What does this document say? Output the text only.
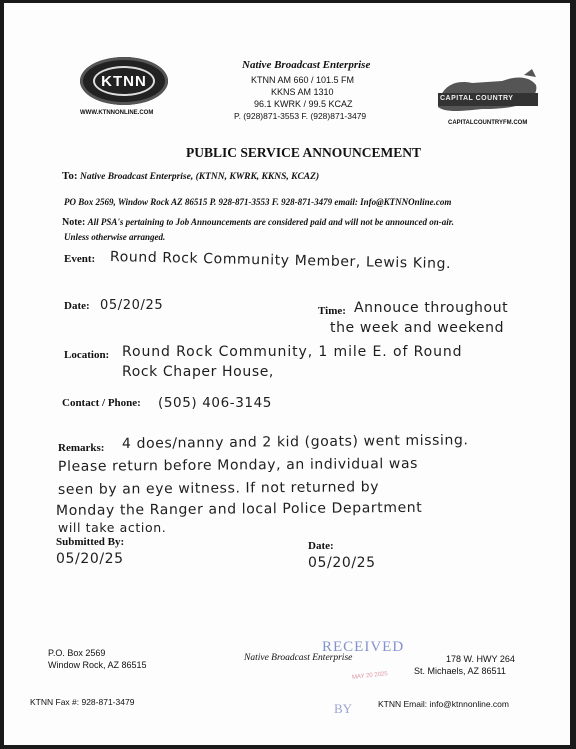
KTNN
WWW.KTNNONLINE.COM
Native Broadcast Enterprise
KTNN AM 660 / 101.5 FM
KKNS AM 1310
96.1 KWRK / 99.5 KCAZ
P. (928)871-3553 F. (928)871-3479
CAPITAL COUNTRY
CAPITALCOUNTRYFM.COM
PUBLIC SERVICE ANNOUNCEMENT
To: Native Broadcast Enterprise, (KTNN, KWRK, KKNS, KCAZ)
PO Box 2569, Window Rock AZ 86515 P. 928-871-3553 F. 928-871-3479 email: Info@KTNNOnline.com
Note: All PSA's pertaining to Job Announcements are considered paid and will not be announced on-air.
Unless otherwise arranged.
Event: Round Rock Community Member, Lewis King.
Date: 05/20/25	Time: Annouce throughout
the week and weekend
Location: Round Rock Community, 1 mile E. of Round
Rock Chaper House,
Contact / Phone: (505) 406-3145
Remarks: 4 does/nanny and 2 kid (goats) went missing.
Please return before Monday, an individual was
seen by an eye witness. If not returned by
Monday the Ranger and local Police Department
will take action.
Submitted By:
05/20/25
Date:
05/20/25
P.O. Box 2569
Window Rock, AZ 86515
Native Broadcast Enterprise
RECEIVED
MAY 20 2025
BY
178 W. HWY 264
St. Michaels, AZ 86511
KTNN Fax #: 928-871-3479	KTNN Email: info@ktnnonline.com
